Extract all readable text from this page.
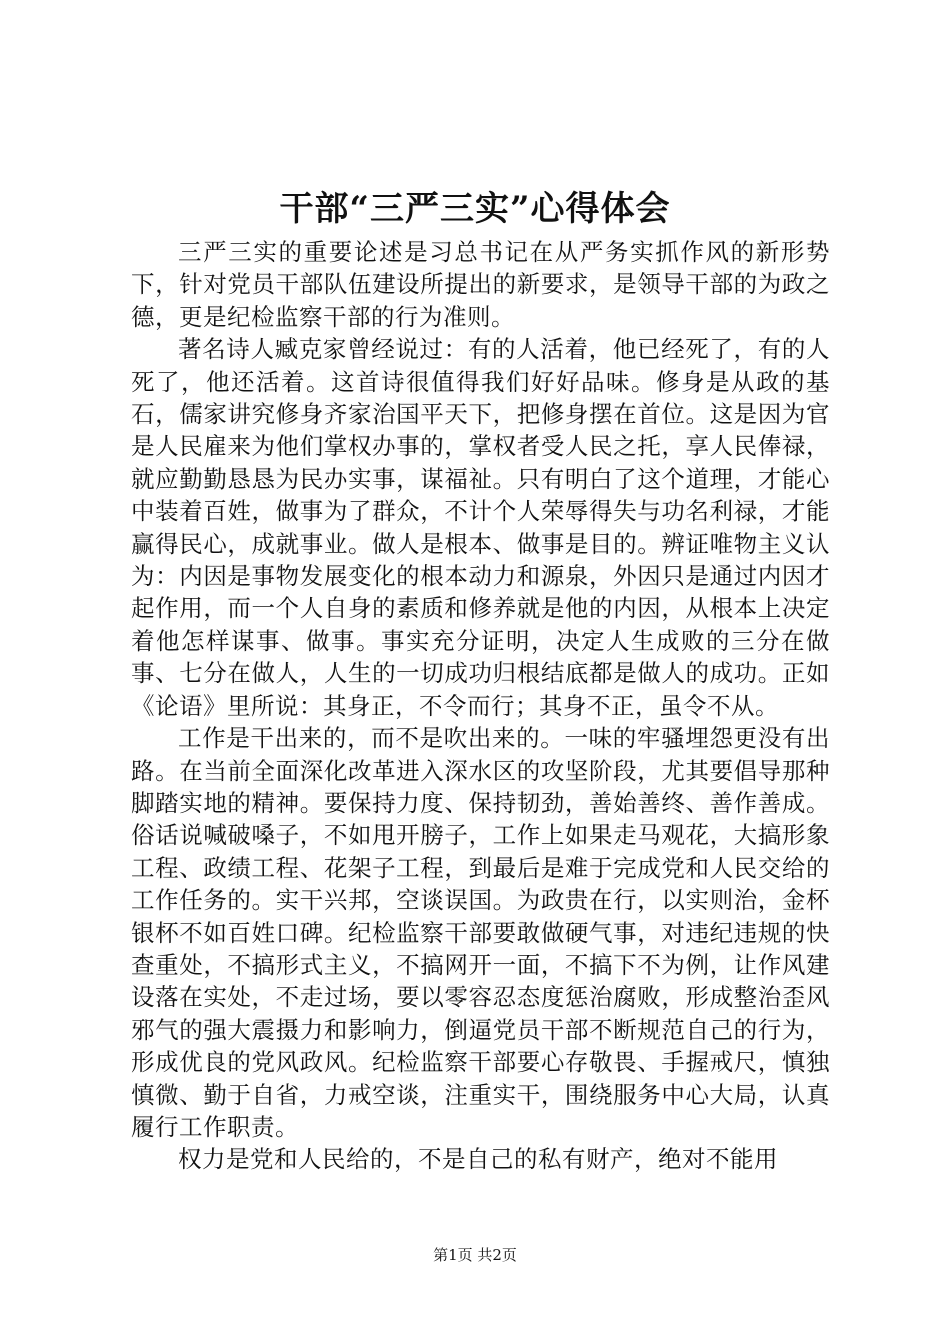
干部“三严三实”心得体会

三严三实的重要论述是习总书记在从严务实抓作风的新形势下，针对党员干部队伍建设所提出的新要求，是领导干部的为政之德，更是纪检监察干部的行为准则。

著名诗人臧克家曾经说过：有的人活着，他已经死了，有的人死了，他还活着。这首诗很值得我们好好品味。修身是从政的基石，儒家讲究修身齐家治国平天下，把修身摆在首位。这是因为官是人民雇来为他们掌权办事的，掌权者受人民之托，享人民俸禄，就应勤勤恳恳为民办实事，谋福祉。只有明白了这个道理，才能心中装着百姓，做事为了群众，不计个人荣辱得失与功名利禄，才能赢得民心，成就事业。做人是根本、做事是目的。辨证唯物主义认为：内因是事物发展变化的根本动力和源泉，外因只是通过内因才起作用，而一个人自身的素质和修养就是他的内因，从根本上决定着他怎样谋事、做事。事实充分证明，决定人生成败的三分在做事、七分在做人，人生的一切成功归根结底都是做人的成功。正如《论语》里所说：其身正，不令而行；其身不正，虽令不从。

工作是干出来的，而不是吹出来的。一味的牢骚埋怨更没有出路。在当前全面深化改革进入深水区的攻坚阶段，尤其要倡导那种脚踏实地的精神。要保持力度、保持韧劲，善始善终、善作善成。俗话说喊破嗓子，不如甩开膀子，工作上如果走马观花，大搞形象工程、政绩工程、花架子工程，到最后是难于完成党和人民交给的工作任务的。实干兴邦，空谈误国。为政贵在行，以实则治，金杯银杯不如百姓口碑。纪检监察干部要敢做硬气事，对违纪违规的快查重处，不搞形式主义，不搞网开一面，不搞下不为例，让作风建设落在实处，不走过场，要以零容忍态度惩治腐败，形成整治歪风邪气的强大震摄力和影响力，倒逼党员干部不断规范自己的行为，形成优良的党风政风。纪检监察干部要心存敬畏、手握戒尺，慎独慎微、勤于自省，力戒空谈，注重实干，围绕服务中心大局，认真履行工作职责。

权力是党和人民给的，不是自己的私有财产，绝对不能用

第1页 共2页
